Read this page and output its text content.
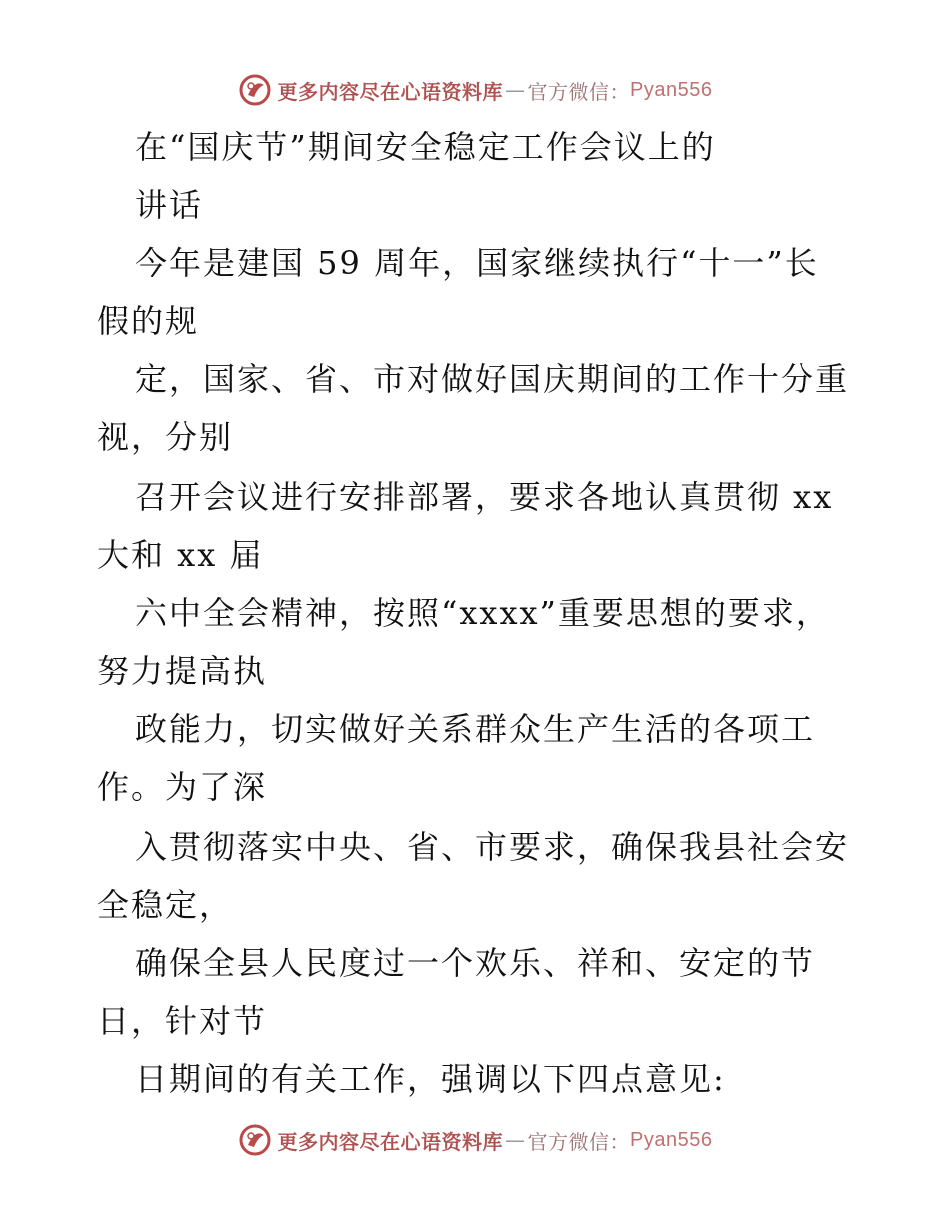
更多内容尽在心语资料库 — 官方微信： Pyan556
在“国庆节”期间安全稳定工作会议上的
讲话
今年是建国 59 周年，国家继续执行“十一”长
假的规
定，国家、省、市对做好国庆期间的工作十分重
视，分别
召开会议进行安排部署，要求各地认真贯彻 xx
大和 xx 届
六中全会精神，按照“xxxx”重要思想的要求，
努力提高执
政能力，切实做好关系群众生产生活的各项工
作。为了深
入贯彻落实中央、省、市要求，确保我县社会安
全稳定，
确保全县人民度过一个欢乐、祥和、安定的节
日，针对节
日期间的有关工作，强调以下四点意见:
更多内容尽在心语资料库 — 官方微信： Pyan556
